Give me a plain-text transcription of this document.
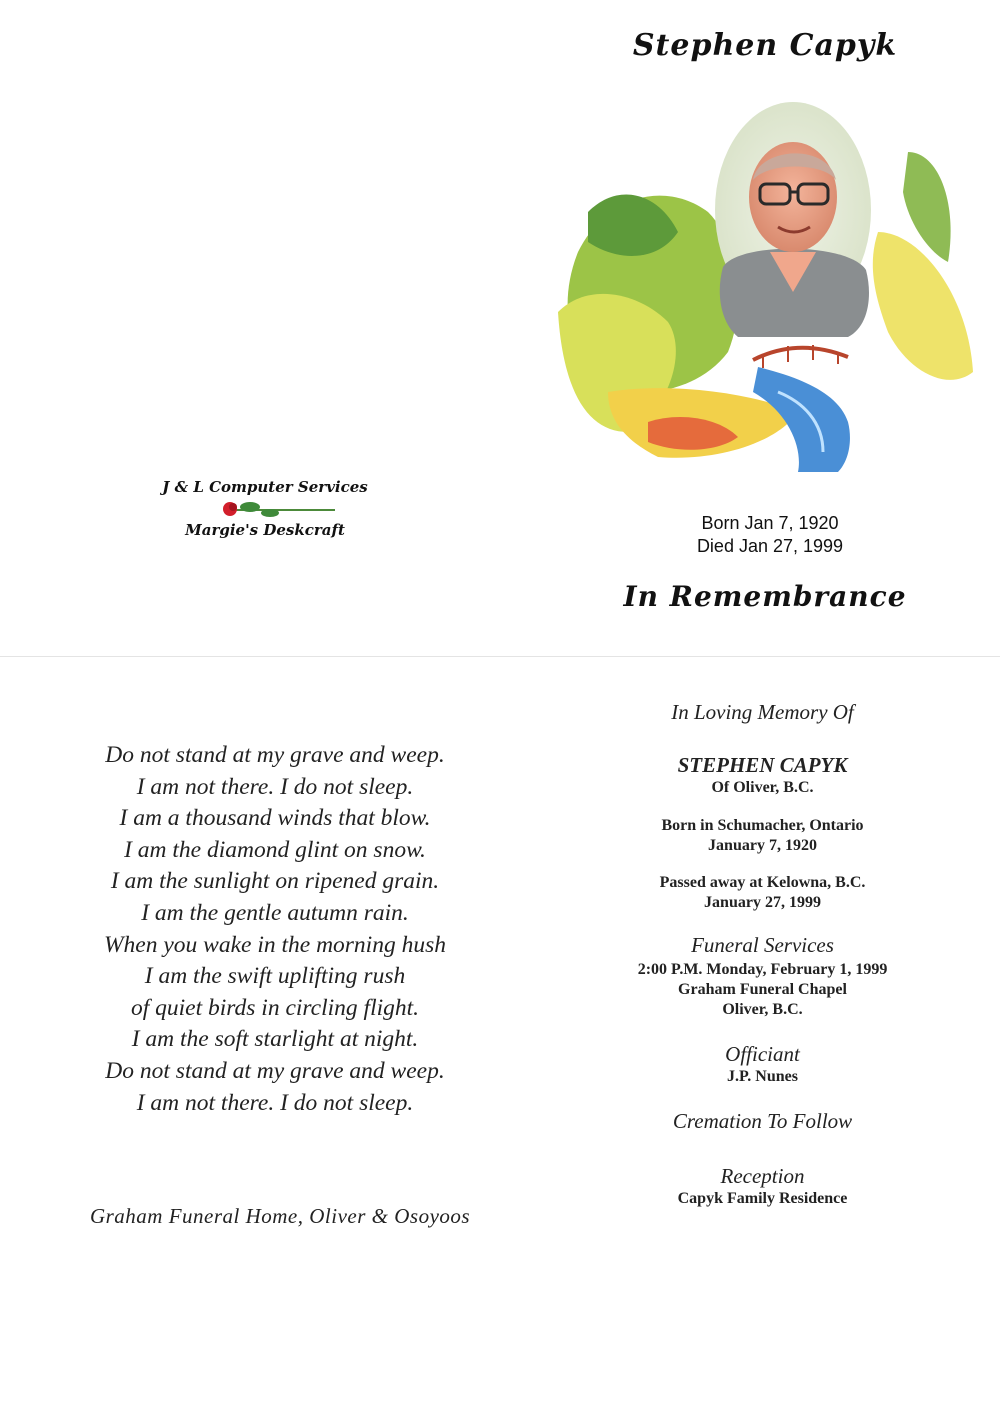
Stephen Capyk
Born Jan 7, 1920
Died Jan 27, 1999
In Remembrance
J & L Computer Services
Margie's Deskcraft
Do not stand at my grave and weep.
I am not there. I do not sleep.
I am a thousand winds that blow.
I am the diamond glint on snow.
I am the sunlight on ripened grain.
I am the gentle autumn rain.
When you wake in the morning hush
I am the swift uplifting rush
of quiet birds in circling flight.
I am the soft starlight at night.
Do not stand at my grave and weep.
I am not there. I do not sleep.
Graham Funeral Home, Oliver & Osoyoos
In Loving Memory Of
STEPHEN CAPYK
Of Oliver, B.C.
Born in Schumacher, Ontario
January 7, 1920
Passed away at Kelowna, B.C.
January 27, 1999
Funeral Services
2:00 P.M. Monday, February 1, 1999
Graham Funeral Chapel
Oliver, B.C.
Officiant
J.P. Nunes
Cremation To Follow
Reception
Capyk Family Residence
